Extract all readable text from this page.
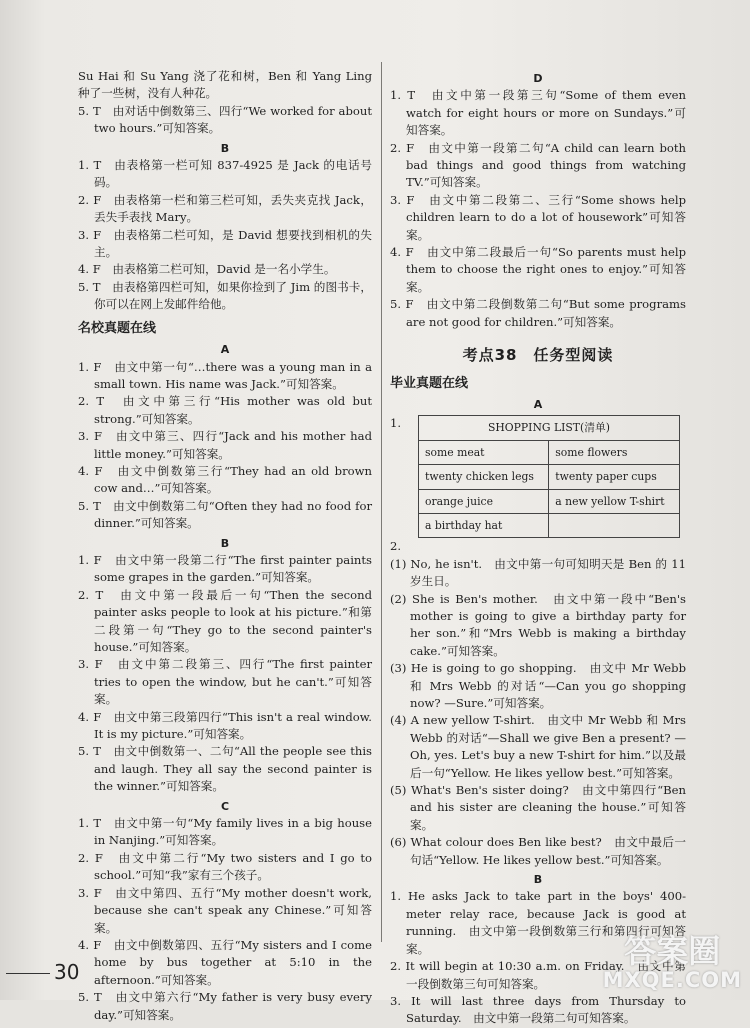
Su Hai 和 Su Yang 浇了花和树，Ben 和 Yang Ling 种了一些树，没有人种花。

5. T　由对话中倒数第三、四行“We worked for about two hours.”可知答案。

B

1. T　由表格第一栏可知 837-4925 是 Jack 的电话号码。

2. F　由表格第一栏和第三栏可知，丢失夹克找 Jack，丢失手表找 Mary。

3. F　由表格第二栏可知，是 David 想要找到相机的失主。

4. F　由表格第二栏可知，David 是一名小学生。

5. T　由表格第四栏可知，如果你捡到了 Jim 的图书卡，你可以在网上发邮件给他。

名校真题在线
A

1. F　由文中第一句“…there was a young man in a small town. His name was Jack.”可知答案。

2. T　由文中第三行“His mother was old but strong.”可知答案。

3. F　由文中第三、四行“Jack and his mother had little money.”可知答案。

4. F　由文中倒数第三行“They had an old brown cow and…”可知答案。

5. T　由文中倒数第二句“Often they had no food for dinner.”可知答案。

B

1. F　由文中第一段第二行“The first painter paints some grapes in the garden.”可知答案。

2. T　由文中第一段最后一句“Then the second painter asks people to look at his picture.”和第二段第一句“They go to the second painter's house.”可知答案。

3. F　由文中第二段第三、四行“The first painter tries to open the window, but he can't.”可知答案。

4. F　由文中第三段第四行“This isn't a real window. It is my picture.”可知答案。

5. T　由文中倒数第一、二句“All the people see this and laugh. They all say the second painter is the winner.”可知答案。

C

1. T　由文中第一句“My family lives in a big house in Nanjing.”可知答案。

2. F　由文中第二行“My two sisters and I go to school.”可知“我”家有三个孩子。

3. F　由文中第四、五行“My mother doesn't work, because she can't speak any Chinese.”可知答案。

4. F　由文中倒数第四、五行“My sisters and I come home by bus together at 5:10 in the afternoon.”可知答案。

5. T　由文中第六行“My father is very busy every day.”可知答案。

D

1. T　由文中第一段第三句“Some of them even watch for eight hours or more on Sundays.”可知答案。

2. F　由文中第一段第二句“A child can learn both bad things and good things from watching TV.”可知答案。

3. F　由文中第二段第二、三行“Some shows help children learn to do a lot of housework”可知答案。

4. F　由文中第二段最后一句“So parents must help them to choose the right ones to enjoy.”可知答案。

5. F　由文中第二段倒数第二句“But some programs are not good for children.”可知答案。

考点38　任务型阅读
毕业真题在线
A
1.	SHOPPING LIST(清单)	
some meat	some flowers
twenty chicken legs	twenty paper cups
orange juice	a new yellow T-shirt
a birthday hat	

2.

(1) No, he isn't.　由文中第一句可知明天是 Ben 的 11 岁生日。

(2) She is Ben's mother.　由文中第一段中“Ben's mother is going to give a birthday party for her son.”和“Mrs Webb is making a birthday cake.”可知答案。

(3) He is going to go shopping.　由文中 Mr Webb 和 Mrs Webb 的对话“—Can you go shopping now? —Sure.”可知答案。

(4) A new yellow T-shirt.　由文中 Mr Webb 和 Mrs Webb 的对话“—Shall we give Ben a present? —Oh, yes. Let's buy a new T-shirt for him.”以及最后一句“Yellow. He likes yellow best.”可知答案。

(5) What's Ben's sister doing?　由文中第四行“Ben and his sister are cleaning the house.”可知答案。

(6) What colour does Ben like best?　由文中最后一句话“Yellow. He likes yellow best.”可知答案。

B

1. He asks Jack to take part in the boys' 400-meter relay race, because Jack is good at running.　由文中第一段倒数第三行和第四行可知答案。

2. It will begin at 10:30 a.m. on Friday.　由文中第一段倒数第三句可知答案。

3. It will last three days from Thursday to Saturday.　由文中第一段第二句可知答案。

30
答案圈
MXQE.COM
